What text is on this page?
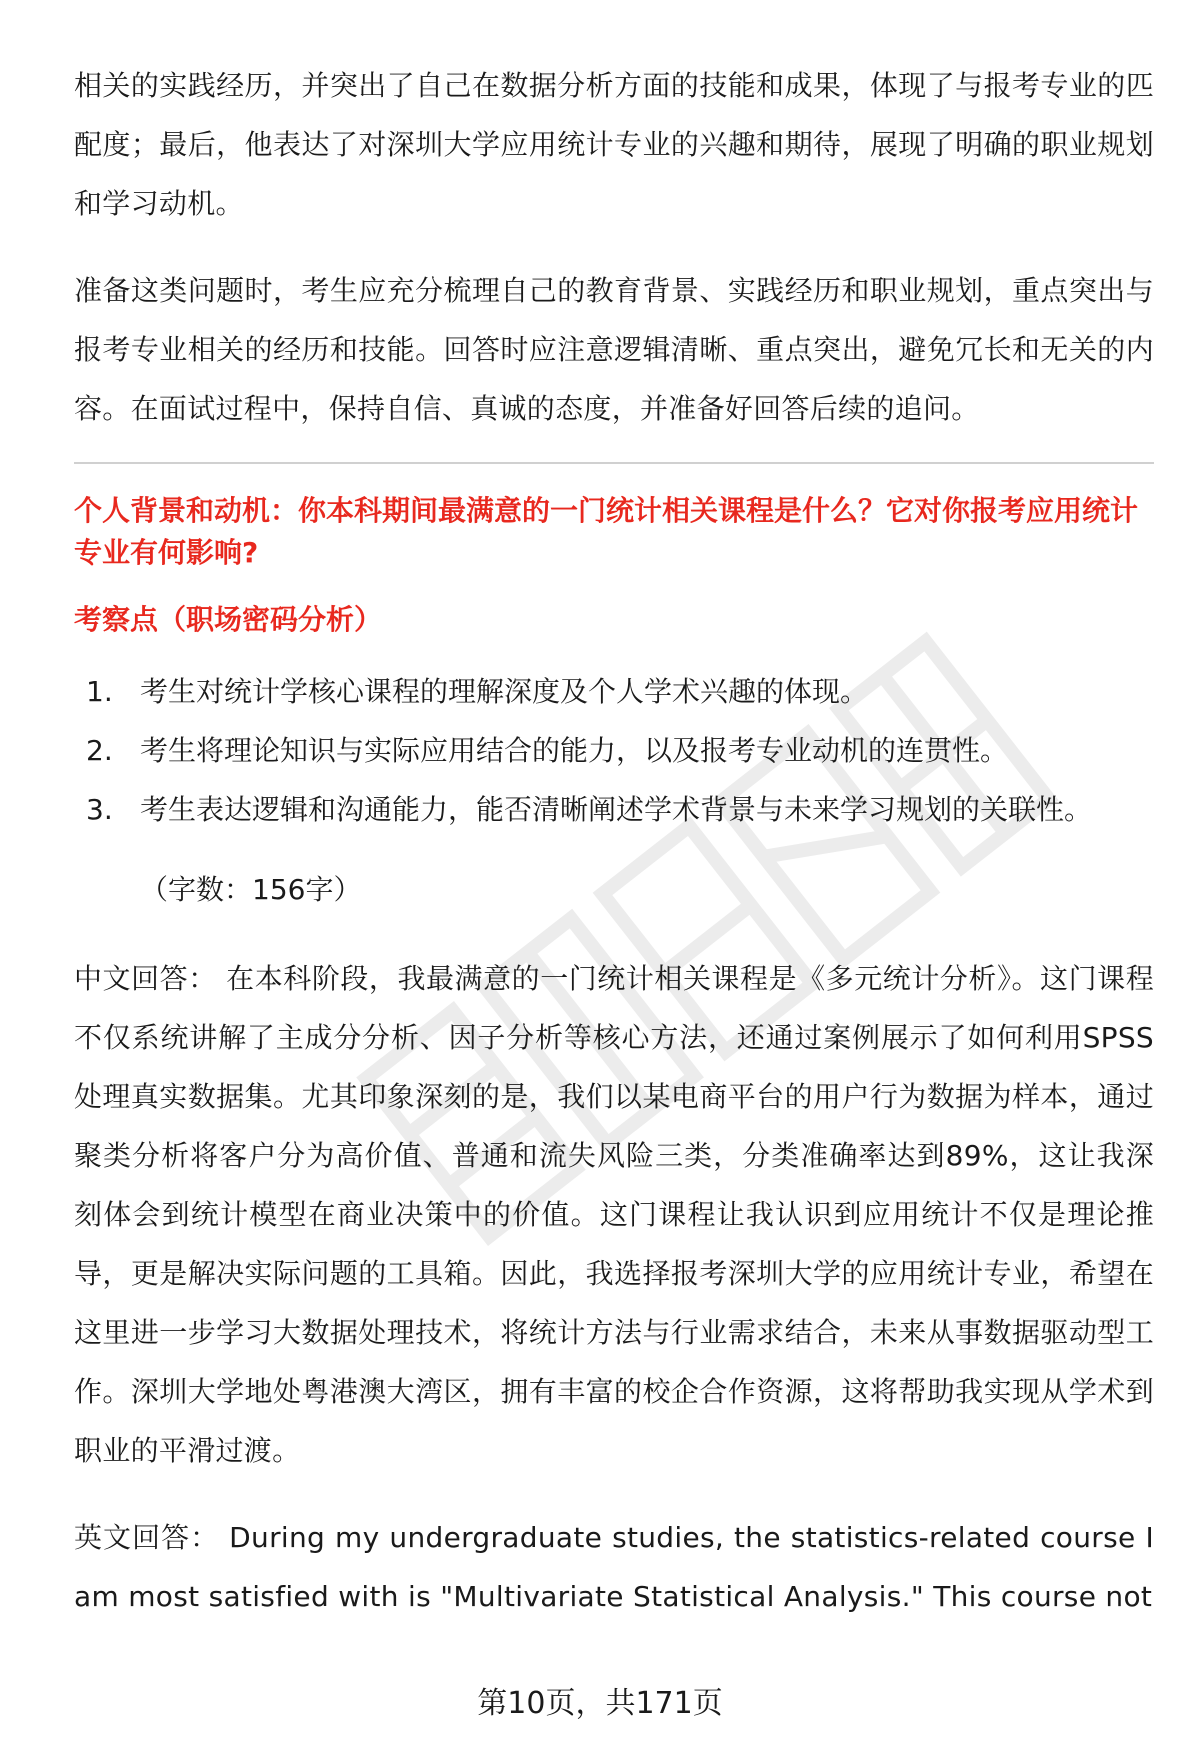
相关的实践经历，并突出了自己在数据分析方面的技能和成果，体现了与报考专业的匹配度；最后，他表达了对深圳大学应用统计专业的兴趣和期待，展现了明确的职业规划和学习动机。

准备这类问题时，考生应充分梳理自己的教育背景、实践经历和职业规划，重点突出与报考专业相关的经历和技能。回答时应注意逻辑清晰、重点突出，避免冗长和无关的内容。在面试过程中，保持自信、真诚的态度，并准备好回答后续的追问。

个人背景和动机：你本科期间最满意的一门统计相关课程是什么？它对你报考应用统计专业有何影响?

考察点（职场密码分析）

1. 考生对统计学核心课程的理解深度及个人学术兴趣的体现。
2. 考生将理论知识与实际应用结合的能力，以及报考专业动机的连贯性。
3. 考生表达逻辑和沟通能力，能否清晰阐述学术背景与未来学习规划的关联性。

（字数：156字）

中文回答： 在本科阶段，我最满意的一门统计相关课程是《多元统计分析》。这门课程不仅系统讲解了主成分分析、因子分析等核心方法，还通过案例展示了如何利用SPSS处理真实数据集。尤其印象深刻的是，我们以某电商平台的用户行为数据为样本，通过聚类分析将客户分为高价值、普通和流失风险三类，分类准确率达到89%，这让我深刻体会到统计模型在商业决策中的价值。这门课程让我认识到应用统计不仅是理论推导，更是解决实际问题的工具箱。因此，我选择报考深圳大学的应用统计专业，希望在这里进一步学习大数据处理技术，将统计方法与行业需求结合，未来从事数据驱动型工作。深圳大学地处粤港澳大湾区，拥有丰富的校企合作资源，这将帮助我实现从学术到职业的平滑过渡。

英文回答： During my undergraduate studies, the statistics-related course I am most satisfied with is "Multivariate Statistical Analysis." This course not

第10页，共171页
